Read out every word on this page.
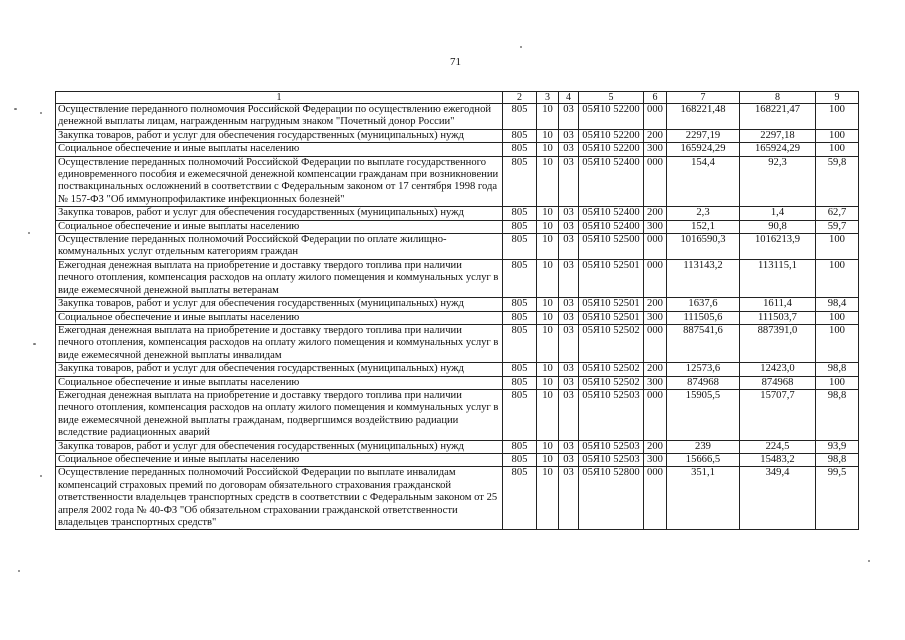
71
1	2	3	4	5	6	7	8	9
Осуществление переданного полномочия Российской Федерации по осуществлению ежегодной денежной выплаты лицам, награжденным нагрудным знаком "Почетный донор России"	805	10	03	05Я10 52200	000	168221,48	168221,47	100
Закупка товаров, работ и услуг для обеспечения государственных (муниципальных) нужд	805	10	03	05Я10 52200	200	2297,19	2297,18	100
Социальное обеспечение и иные выплаты населению	805	10	03	05Я10 52200	300	165924,29	165924,29	100
Осуществление переданных полномочий Российской Федерации по выплате государственного единовременного пособия и ежемесячной денежной компенсации гражданам при возникновении поствакцинальных осложнений в соответствии с Федеральным законом от 17 сентября 1998 года № 157-ФЗ "Об иммунопрофилактике инфекционных болезней"	805	10	03	05Я10 52400	000	154,4	92,3	59,8
Закупка товаров, работ и услуг для обеспечения государственных (муниципальных) нужд	805	10	03	05Я10 52400	200	2,3	1,4	62,7
Социальное обеспечение и иные выплаты населению	805	10	03	05Я10 52400	300	152,1	90,8	59,7
Осуществление переданных полномочий Российской Федерации по оплате жилищно-коммунальных услуг отдельным категориям граждан	805	10	03	05Я10 52500	000	1016590,3	1016213,9	100
Ежегодная денежная выплата на приобретение и доставку твердого топлива при наличии печного отопления, компенсация расходов на оплату жилого помещения и коммунальных услуг в виде ежемесячной денежной выплаты ветеранам	805	10	03	05Я10 52501	000	113143,2	113115,1	100
Закупка товаров, работ и услуг для обеспечения государственных (муниципальных) нужд	805	10	03	05Я10 52501	200	1637,6	1611,4	98,4
Социальное обеспечение и иные выплаты населению	805	10	03	05Я10 52501	300	111505,6	111503,7	100
Ежегодная денежная выплата на приобретение и доставку твердого топлива при наличии печного отопления, компенсация расходов на оплату жилого помещения и коммунальных услуг в виде ежемесячной денежной выплаты инвалидам	805	10	03	05Я10 52502	000	887541,6	887391,0	100
Закупка товаров, работ и услуг для обеспечения государственных (муниципальных) нужд	805	10	03	05Я10 52502	200	12573,6	12423,0	98,8
Социальное обеспечение и иные выплаты населению	805	10	03	05Я10 52502	300	874968	874968	100
Ежегодная денежная выплата на приобретение и доставку твердого топлива при наличии печного отопления, компенсация расходов на оплату жилого помещения и коммунальных услуг в виде ежемесячной денежной выплаты гражданам, подвергшимся воздействию радиации вследствие радиационных аварий	805	10	03	05Я10 52503	000	15905,5	15707,7	98,8
Закупка товаров, работ и услуг для обеспечения государственных (муниципальных) нужд	805	10	03	05Я10 52503	200	239	224,5	93,9
Социальное обеспечение и иные выплаты населению	805	10	03	05Я10 52503	300	15666,5	15483,2	98,8
Осуществление переданных полномочий Российской Федерации по выплате инвалидам компенсаций страховых премий по договорам обязательного страхования гражданской ответственности владельцев транспортных средств в соответствии с Федеральным законом от 25 апреля 2002 года № 40-ФЗ "Об обязательном страховании гражданской ответственности владельцев транспортных средств"	805	10	03	05Я10 52800	000	351,1	349,4	99,5
